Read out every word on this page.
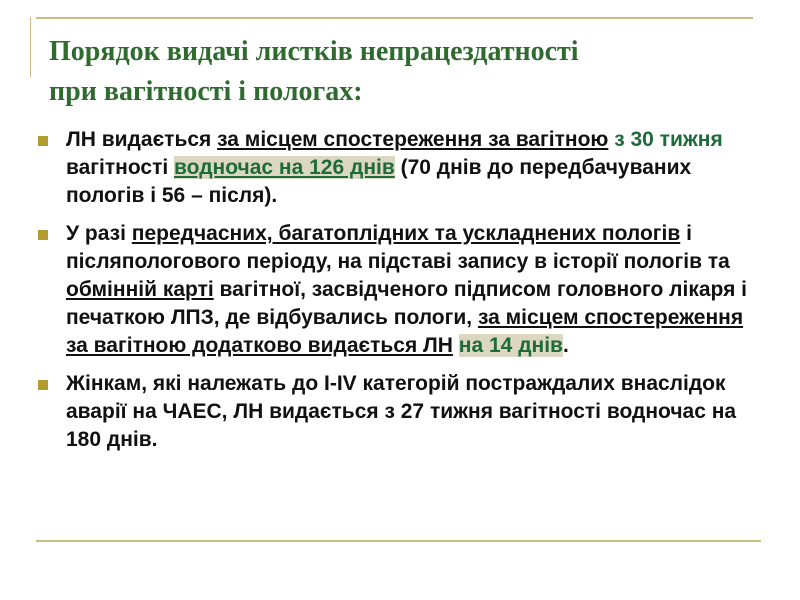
Порядок видачі листків непрацездатності
при вагітності і пологах:
ЛН видається за місцем спостереження за вагітною з 30 тижня вагітності водночас на 126 днів (70 днів до передбачуваних пологів і 56 – після).
У разі передчасних, багатоплідних та ускладнених пологів і післяпологового періоду, на підставі запису в історії пологів та обмінній карті вагітної, засвідченого підписом головного лікаря і печаткою ЛПЗ, де відбувались пологи, за місцем спостереження за вагітною додатково видається ЛН на 14 днів.
Жінкам, які належать до І-ІV категорій постраждалих внаслідок аварії на ЧАЕС, ЛН видається з 27 тижня вагітності водночас на 180 днів.
